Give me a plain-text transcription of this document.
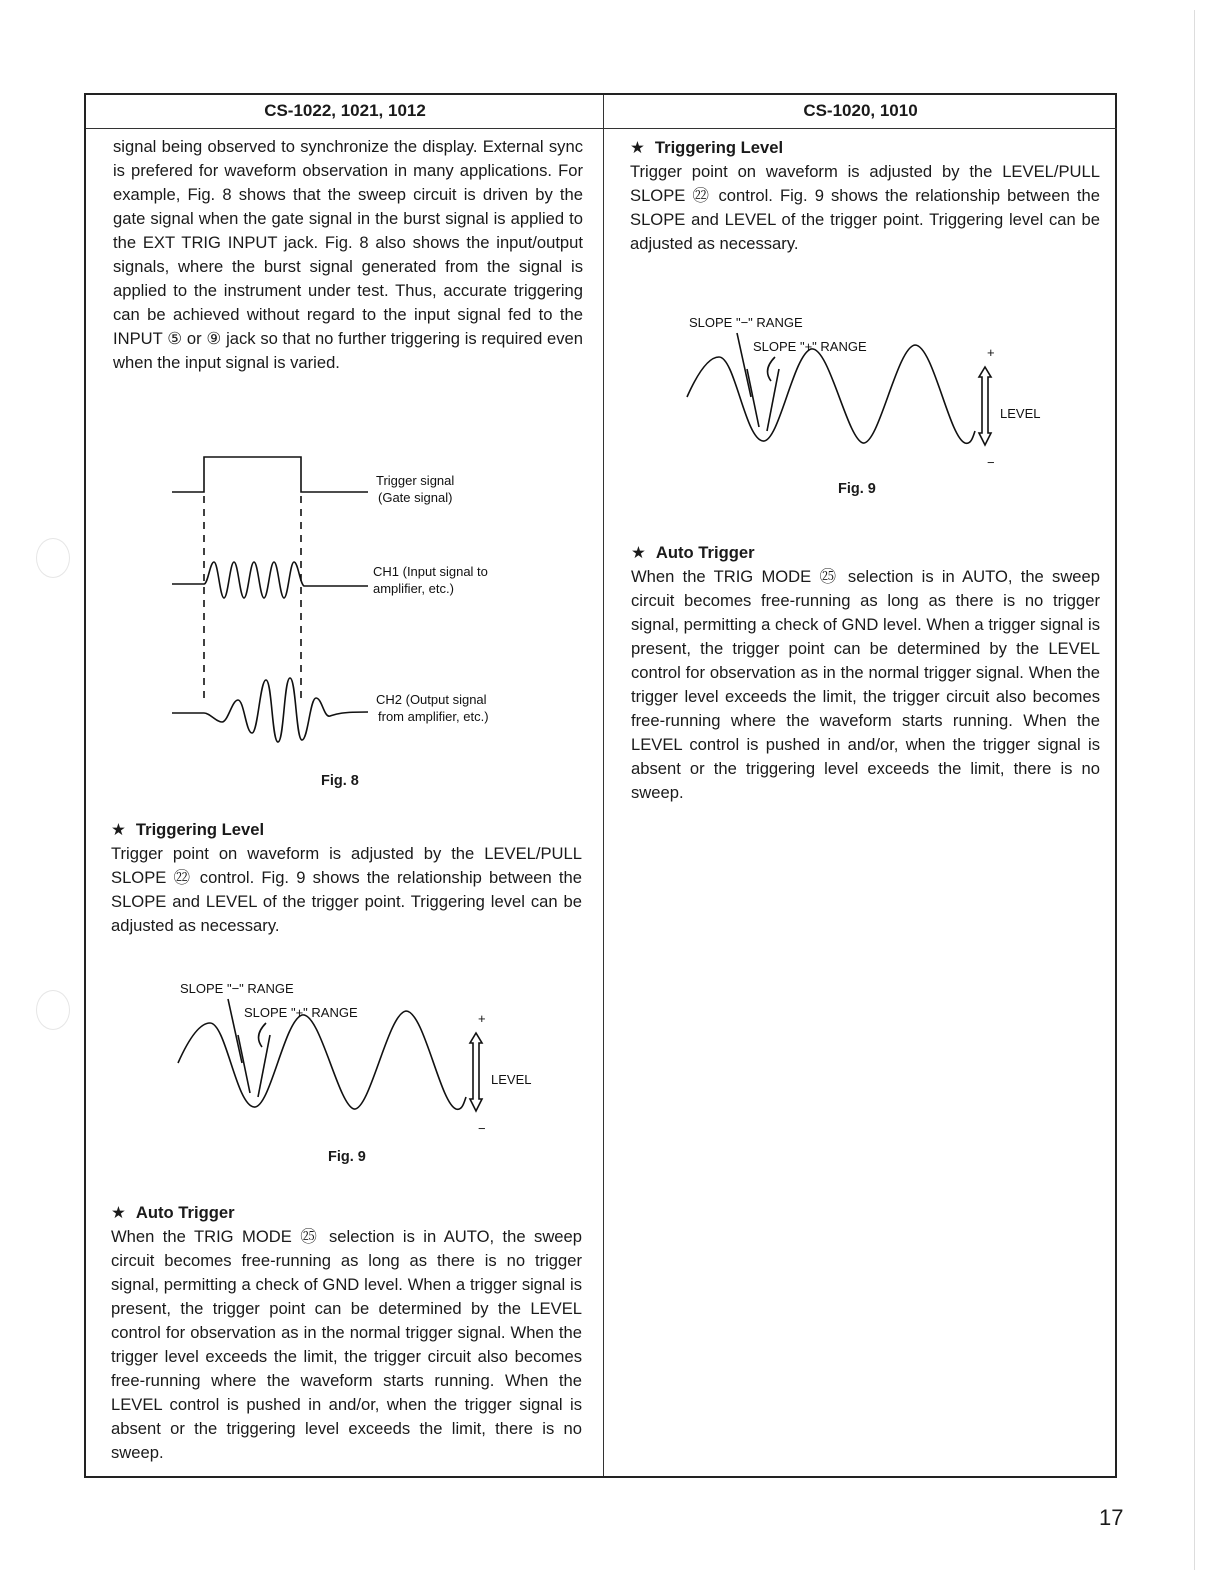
CS-1022, 1021, 1012	CS-1020, 1010

signal being observed to synchronize the display. External sync is prefered for waveform observation in many applications. For example, Fig. 8 shows that the sweep circuit is driven by the gate signal when the gate signal in the burst signal is applied to the EXT TRIG INPUT jack. Fig. 8 also shows the input/output signals, where the burst signal generated from the signal is applied to the instrument under test. Thus, accurate triggering can be achieved without regard to the input signal fed to the INPUT ⑤ or ⑨ jack so that no further triggering is required even when the input signal is varied.

Trigger signal
(Gate signal)
CH1 (Input signal to
amplifier, etc.)
CH2 (Output signal
from amplifier, etc.)
Fig. 8
★ Triggering Level

Trigger point on waveform is adjusted by the LEVEL/PULL SLOPE ㉒ control. Fig. 9 shows the relationship between the SLOPE and LEVEL of the trigger point. Triggering level can be adjusted as necessary.

SLOPE "−" RANGE
SLOPE "+" RANGE	+
−
LEVEL
Fig. 9
★ Auto Trigger

When the TRIG MODE ㉕ selection is in AUTO, the sweep circuit becomes free-running as long as there is no trigger signal, permitting a check of GND level. When a trigger signal is present, the trigger point can be determined by the LEVEL control for observation as in the normal trigger signal. When the trigger level exceeds the limit, the trigger circuit also becomes free-running where the waveform starts running. When the LEVEL control is pushed in and/or, when the trigger signal is absent or the triggering level exceeds the limit, there is no sweep.

★ Triggering Level

Trigger point on waveform is adjusted by the LEVEL/PULL SLOPE ㉒ control. Fig. 9 shows the relationship between the SLOPE and LEVEL of the trigger point. Triggering level can be adjusted as necessary.

SLOPE "−" RANGE
SLOPE "+" RANGE	+
−
LEVEL
Fig. 9
★ Auto Trigger

When the TRIG MODE ㉕ selection is in AUTO, the sweep circuit becomes free-running as long as there is no trigger signal, permitting a check of GND level. When a trigger signal is present, the trigger point can be determined by the LEVEL control for observation as in the normal trigger signal. When the trigger level exceeds the limit, the trigger circuit also becomes free-running where the waveform starts running. When the LEVEL control is pushed in and/or, when the trigger signal is absent or the triggering level exceeds the limit, there is no sweep.

17
